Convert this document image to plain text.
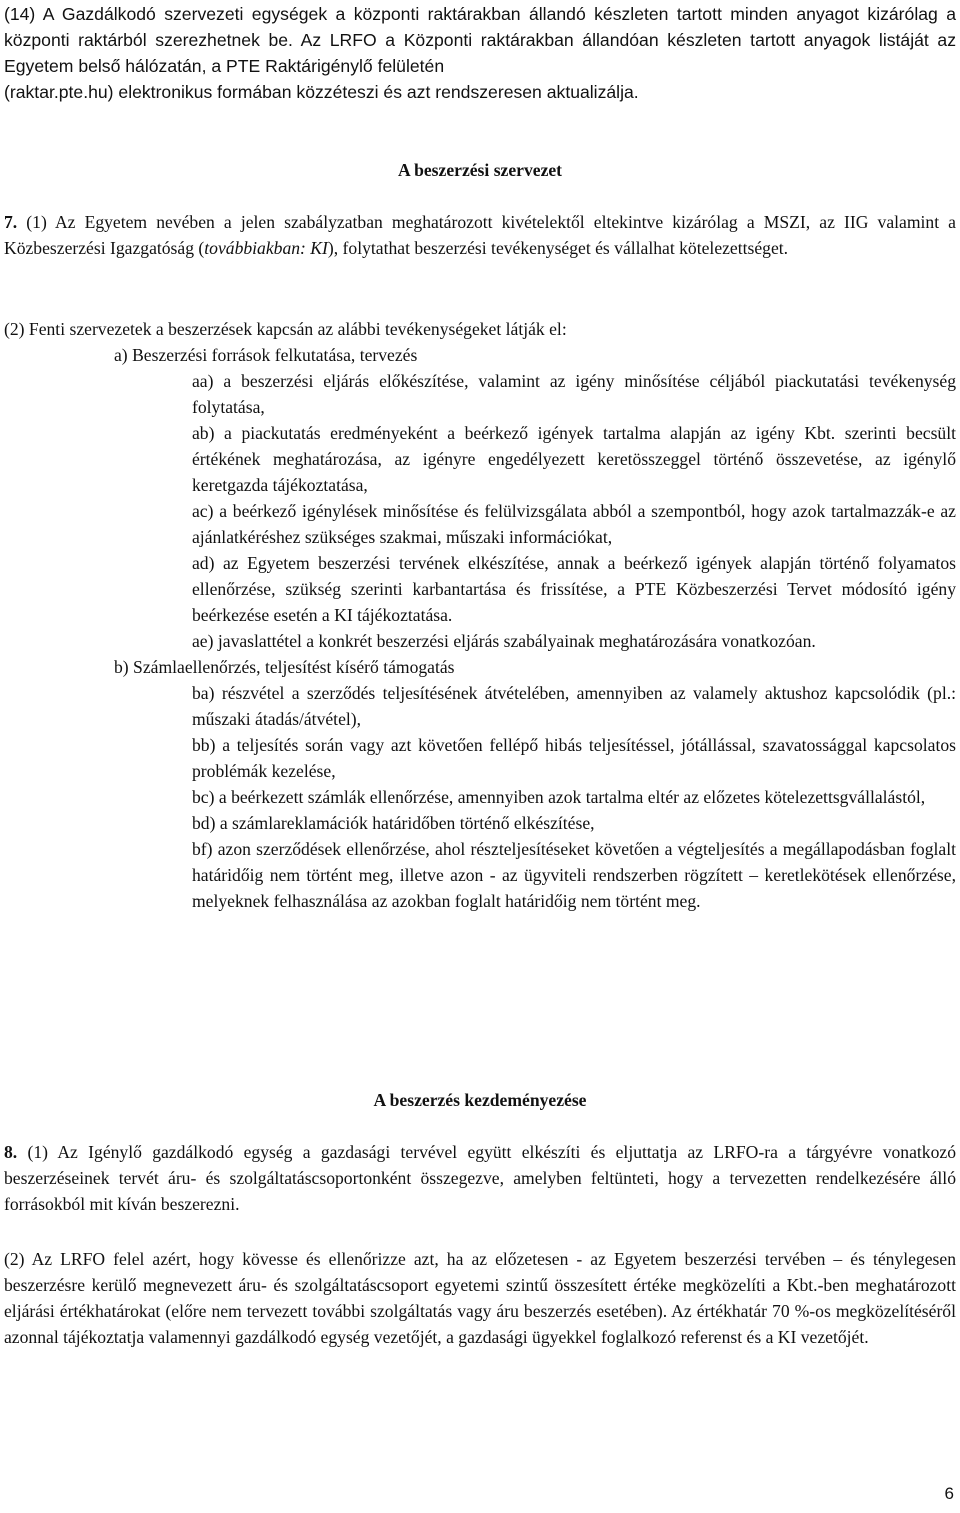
(14) A Gazdálkodó szervezeti egységek a központi raktárakban állandó készleten tartott minden anyagot kizárólag a központi raktárból szerezhetnek be. Az LRFO a Központi raktárakban állandóan készleten tartott anyagok listáját az Egyetem belső hálózatán, a PTE Raktárigénylő felületén

(raktar.pte.hu) elektronikus formában közzéteszi és azt rendszeresen aktualizálja.

A beszerzési szervezet

7. (1) Az Egyetem nevében a jelen szabályzatban meghatározott kivételektől eltekintve kizárólag a MSZI, az IIG valamint a Közbeszerzési Igazgatóság (továbbiakban: KI), folytathat beszerzési tevékenységet és vállalhat kötelezettséget.

(2) Fenti szervezetek a beszerzések kapcsán az alábbi tevékenységeket látják el:

a) Beszerzési források felkutatása, tervezés

aa) a beszerzési eljárás előkészítése, valamint az igény minősítése céljából piackutatási tevékenység folytatása,

ab) a piackutatás eredményeként a beérkező igények tartalma alapján az igény Kbt. szerinti becsült értékének meghatározása, az igényre engedélyezett keretösszeggel történő összevetése, az igénylő keretgazda tájékoztatása,

ac) a beérkező igénylések minősítése és felülvizsgálata abból a szempontból, hogy azok tartalmazzák-e az ajánlatkéréshez szükséges szakmai, műszaki információkat,

ad) az Egyetem beszerzési tervének elkészítése, annak a beérkező igények alapján történő folyamatos ellenőrzése, szükség szerinti karbantartása és frissítése, a PTE Közbeszerzési Tervet módosító igény beérkezése esetén a KI tájékoztatása.

ae) javaslattétel a konkrét beszerzési eljárás szabályainak meghatározására vonatkozóan.

b) Számlaellenőrzés, teljesítést kísérő támogatás

ba) részvétel a szerződés teljesítésének átvételében, amennyiben az valamely aktushoz kapcsolódik (pl.: műszaki átadás/átvétel),

bb) a teljesítés során vagy azt követően fellépő hibás teljesítéssel, jótállással, szavatossággal kapcsolatos problémák kezelése,

bc) a beérkezett számlák ellenőrzése, amennyiben azok tartalma eltér az előzetes kötelezettsgvállalástól,

bd) a számlareklamációk határidőben történő elkészítése,

bf) azon szerződések ellenőrzése, ahol részteljesítéseket követően a végteljesítés a megállapodásban foglalt határidőig nem történt meg, illetve azon - az ügyviteli rendszerben rögzített – keretlekötések ellenőrzése, melyeknek felhasználása az azokban foglalt határidőig nem történt meg.

A beszerzés kezdeményezése

8. (1) Az Igénylő gazdálkodó egység a gazdasági tervével együtt elkészíti és eljuttatja az LRFO-ra a tárgyévre vonatkozó beszerzéseinek tervét áru- és szolgáltatáscsoportonként összegezve, amelyben feltünteti, hogy a tervezetten rendelkezésére álló forrásokból mit kíván beszerezni.

(2) Az LRFO felel azért, hogy kövesse és ellenőrizze azt, ha az előzetesen - az Egyetem beszerzési tervében – és ténylegesen beszerzésre kerülő megnevezett áru- és szolgáltatáscsoport egyetemi szintű összesített értéke megközelíti a Kbt.-ben meghatározott eljárási értékhatárokat (előre nem tervezett további szolgáltatás vagy áru beszerzés esetében). Az értékhatár 70 %-os megközelítéséről azonnal tájékoztatja valamennyi gazdálkodó egység vezetőjét, a gazdasági ügyekkel foglalkozó referenst és a KI vezetőjét.

6
